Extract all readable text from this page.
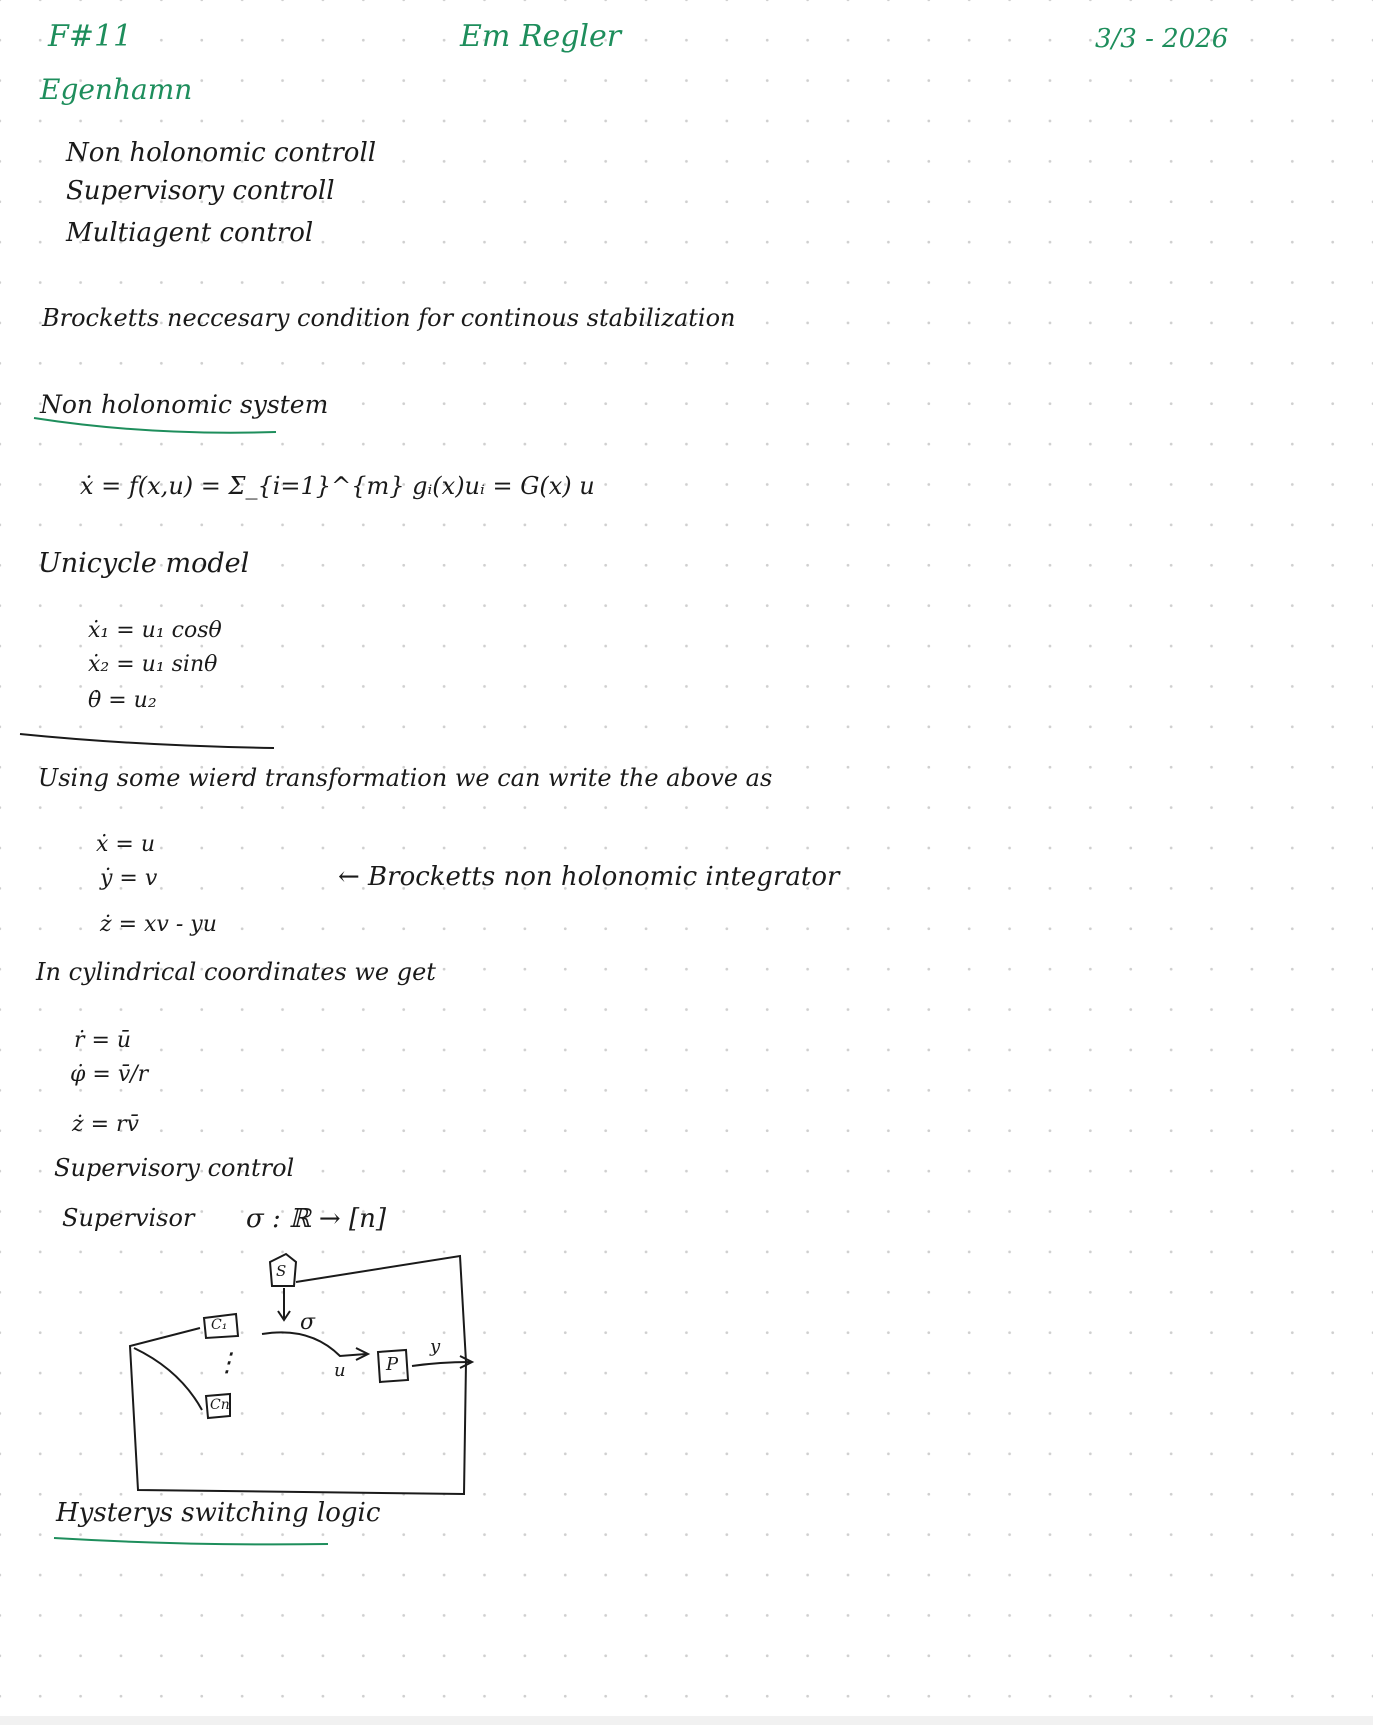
F#11	Em Regler	3/3 - 2026
Egenhamn
Non holonomic controll
Supervisory controll
Multiagent control
Brocketts neccesary condition for continous stabilization
Non holonomic system
ẋ = f(x,u) = Σ_{i=1}^{m} gᵢ(x)uᵢ = G(x) u
Unicycle model
ẋ₁ = u₁ cosθ
ẋ₂ = u₁ sinθ
θ̇ = u₂
Using some wierd transformation we can write the above as
ẋ = u
ẏ = v
ż = xv - yu
← Brocketts non holonomic integrator
In cylindrical coordinates we get
ṙ = ū
φ̇ = v̄/r
ż = rv̄
Supervisory control
Supervisor σ : ℝ → [n]
S
σ
C₁
⋮
Cn
u P
y
Hysterys switching logic
